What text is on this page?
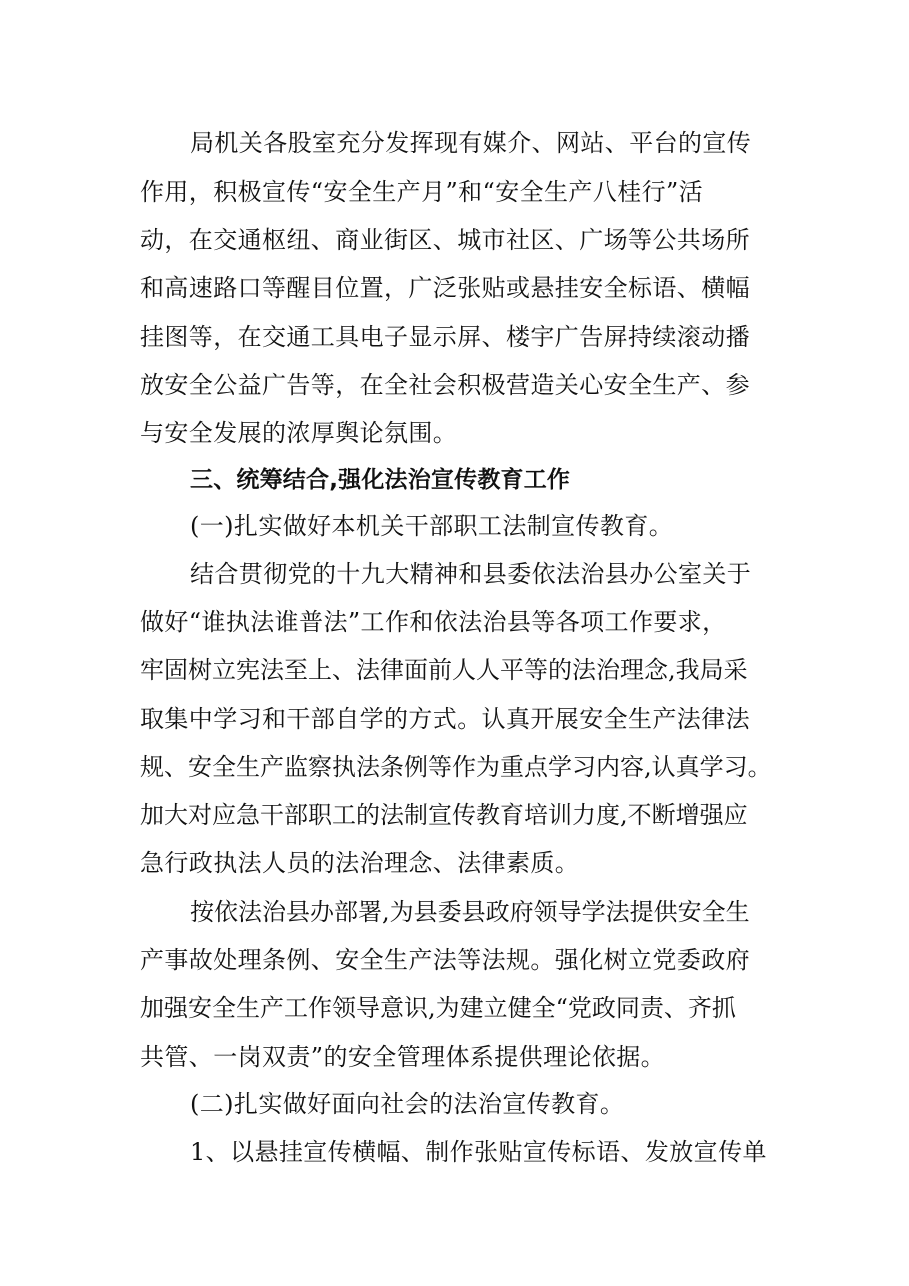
局机关各股室充分发挥现有媒介、网站、平台的宣传
作用，积极宣传“安全生产月”和“安全生产八桂行”活
动，在交通枢纽、商业街区、城市社区、广场等公共场所
和高速路口等醒目位置，广泛张贴或悬挂安全标语、横幅
挂图等，在交通工具电子显示屏、楼宇广告屏持续滚动播
放安全公益广告等，在全社会积极营造关心安全生产、参
与安全发展的浓厚舆论氛围。
三、统筹结合,强化法治宣传教育工作
(一)扎实做好本机关干部职工法制宣传教育。
结合贯彻党的十九大精神和县委依法治县办公室关于
做好“谁执法谁普法”工作和依法治县等各项工作要求，
牢固树立宪法至上、法律面前人人平等的法治理念,我局采
取集中学习和干部自学的方式。认真开展安全生产法律法
规、安全生产监察执法条例等作为重点学习内容,认真学习。
加大对应急干部职工的法制宣传教育培训力度,不断增强应
急行政执法人员的法治理念、法律素质。
按依法治县办部署,为县委县政府领导学法提供安全生
产事故处理条例、安全生产法等法规。强化树立党委政府
加强安全生产工作领导意识,为建立健全“党政同责、齐抓
共管、一岗双责”的安全管理体系提供理论依据。
(二)扎实做好面向社会的法治宣传教育。
1、以悬挂宣传横幅、制作张贴宣传标语、发放宣传单
